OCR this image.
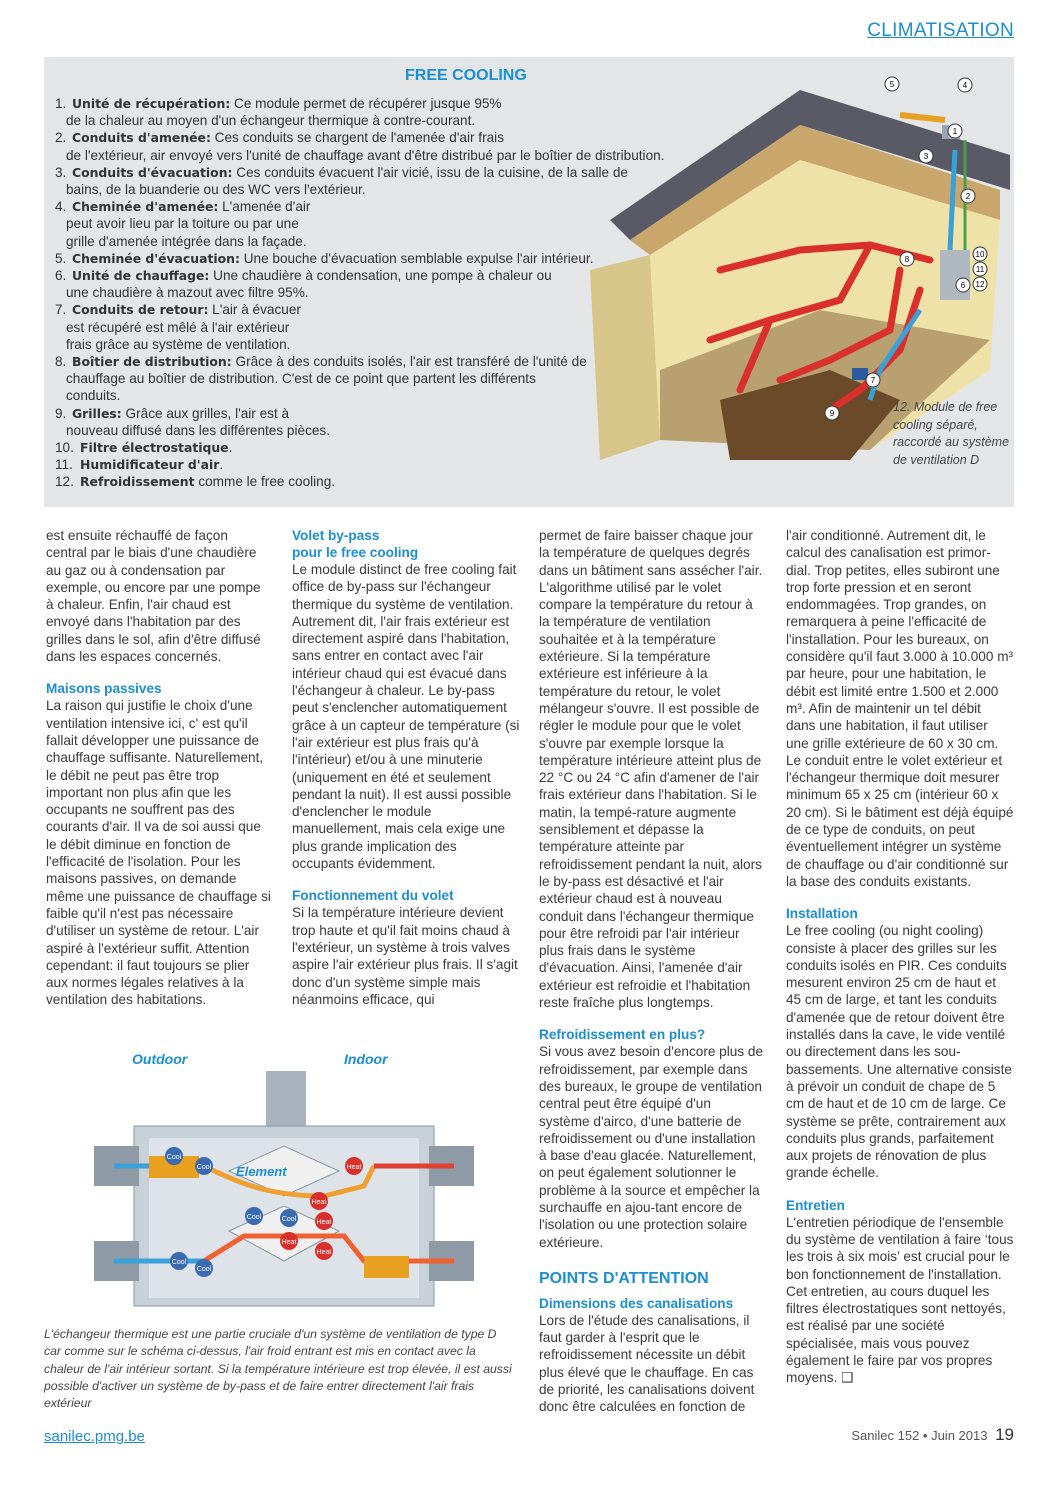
CLIMATISATION
FREE COOLING
1. Unité de récupération: Ce module permet de récupérer jusque 95%
de la chaleur au moyen d'un échangeur thermique à contre-courant.
2. Conduits d'amenée: Ces conduits se chargent de l'amenée d'air frais
de l'extérieur, air envoyé vers l'unité de chauffage avant d'être distribué par le boîtier de distribution.
3. Conduits d'évacuation: Ces conduits évacuent l'air vicié, issu de la cuisine, de la salle de
bains, de la buanderie ou des WC vers l'extérieur.
4. Cheminée d'amenée: L'amenée d'air
peut avoir lieu par la toiture ou par une
grille d'amenée intégrée dans la façade.
5. Cheminée d'évacuation: Une bouche d'évacuation semblable expulse l'air intérieur.
6. Unité de chauffage: Une chaudière à condensation, une pompe à chaleur ou
une chaudière à mazout avec filtre 95%.
7. Conduits de retour: L'air à évacuer
est récupéré est mêlé à l'air extérieur
frais grâce au système de ventilation.
8. Boîtier de distribution: Grâce à des conduits isolés, l'air est transféré de l'unité de
chauffage au boîtier de distribution. C'est de ce point que partent les différents
conduits.
9. Grilles: Grâce aux grilles, l'air est à
nouveau diffusé dans les différentes pièces.
10. Filtre électrostatique.
11. Humidificateur d'air.
12. Refroidissement comme le free cooling.
5	4
1
3
2
8
10
11
6 12
7
9	12. Module de free cooling séparé, raccordé au système de ventilation D

est ensuite réchauffé de façon central par le biais d'une chaudière au gaz ou à condensation par exemple, ou encore par une pompe à chaleur. Enfin, l'air chaud est envoyé dans l'habitation par des grilles dans le sol, afin d'être diffusé dans les espaces concernés.

Maisons passives

La raison qui justifie le choix d'une ventilation intensive ici, c' est qu'il fallait développer une puissance de chauffage suffisante. Naturellement, le débit ne peut pas être trop important non plus afin que les occupants ne souffrent pas des courants d'air. Il va de soi aussi que le débit diminue en fonction de l'efficacité de l'isolation. Pour les maisons passives, on demande même une puissance de chauffage si faible qu'il n'est pas nécessaire d'utiliser un système de retour. L'air aspiré à l'extérieur suffit. Attention cependant: il faut toujours se plier aux normes légales relatives à la ventilation des habitations.

Volet by-pass
pour le free cooling

Le module distinct de free cooling fait office de by-pass sur l'échangeur thermique du système de ventilation. Autrement dit, l'air frais extérieur est directement aspiré dans l'habitation, sans entrer en contact avec l'air intérieur chaud qui est évacué dans l'échangeur à chaleur. Le by-pass peut s'enclencher automatiquement grâce à un capteur de température (si l'air extérieur est plus frais qu'à l'intérieur) et/ou à une minuterie (uniquement en été et seulement pendant la nuit). Il est aussi possible d'enclencher le module manuellement, mais cela exige une plus grande implication des occupants évidemment.

Fonctionnement du volet

Si la température intérieure devient trop haute et qu'il fait moins chaud à l'extérieur, un système à trois valves aspire l'air extérieur plus frais. Il s'agit donc d'un système simple mais néanmoins efficace, qui

permet de faire baisser chaque jour la température de quelques degrés dans un bâtiment sans assécher l'air. L'algorithme utilisé par le volet compare la température du retour à la température de ventilation souhaitée et à la température extérieure. Si la température extérieure est inférieure à la température du retour, le volet mélangeur s'ouvre. Il est possible de régler le module pour que le volet s'ouvre par exemple lorsque la température intérieure atteint plus de 22 °C ou 24 °C afin d'amener de l'air frais extérieur dans l'habitation. Si le matin, la tempé-rature augmente sensiblement et dépasse la température atteinte par refroidissement pendant la nuit, alors le by-pass est désactivé et l'air extérieur chaud est à nouveau conduit dans l'échangeur thermique pour être refroidi par l'air intérieur plus frais dans le système d'évacuation. Ainsi, l'amenée d'air extérieur est refroidie et l'habitation reste fraîche plus longtemps.

Refroidissement en plus?

Si vous avez besoin d'encore plus de refroidissement, par exemple dans des bureaux, le groupe de ventilation central peut être équipé d'un système d'airco, d'une batterie de refroidissement ou d'une installation à base d'eau glacée. Naturellement, on peut également solutionner le problème à la source et empêcher la surchauffe en ajou-tant encore de l'isolation ou une protection solaire extérieure.

POINTS D'ATTENTION
Dimensions des canalisations

Lors de l'étude des canalisations, il faut garder à l'esprit que le refroidissement nécessite un débit plus élevé que le chauffage. En cas de priorité, les canalisations doivent donc être calculées en fonction de

l'air conditionné. Autrement dit, le calcul des canalisation est primor-dial. Trop petites, elles subiront une trop forte pression et en seront endommagées. Trop grandes, on remarquera à peine l'efficacité de l'installation. Pour les bureaux, on considère qu'il faut 3.000 à 10.000 m³ par heure, pour une habitation, le débit est limité entre 1.500 et 2.000 m³. Afin de maintenir un tel débit dans une habitation, il faut utiliser une grille extérieure de 60 x 30 cm. Le conduit entre le volet extérieur et l'échangeur thermique doit mesurer minimum 65 x 25 cm (intérieur 60 x 20 cm). Si le bâtiment est déjà équipé de ce type de conduits, on peut éventuellement intégrer un système de chauffage ou d'air conditionné sur la base des conduits existants.

Installation

Le free cooling (ou night cooling) consiste à placer des grilles sur les conduits isolés en PIR. Ces conduits mesurent environ 25 cm de haut et 45 cm de large, et tant les conduits d'amenée que de retour doivent être installés dans la cave, le vide ventilé ou directement dans les sou-bassements. Une alternative consiste à prévoir un conduit de chape de 5 cm de haut et de 10 cm de large. Ce système se prête, contrairement aux conduits plus grands, parfaitement aux projets de rénovation de plus grande échelle.

Entretien

L'entretien périodique de l'ensemble du système de ventilation à faire ‘tous les trois à six mois’ est crucial pour le bon fonctionnement de l'installation. Cet entretien, au cours duquel les filtres électrostatiques sont nettoyés, est réalisé par une société spécialisée, mais vous pouvez également le faire par vos propres moyens. ❑

Outdoor	Indoor
Element
Cool
Cool
Cool
Cool
Cool	Cool
Heat
Heat
Heat
Heat
Heat
L'échangeur thermique est une partie cruciale d'un système de ventilation de type D car comme sur le schéma ci-dessus, l'air froid entrant est mis en contact avec la chaleur de l'air intérieur sortant. Si la température intérieure est trop élevée, il est aussi possible d'activer un système de by-pass et de faire entrer directement l'air frais extérieur
sanilec.pmg.be	Sanilec 152 • Juin 2013 19
